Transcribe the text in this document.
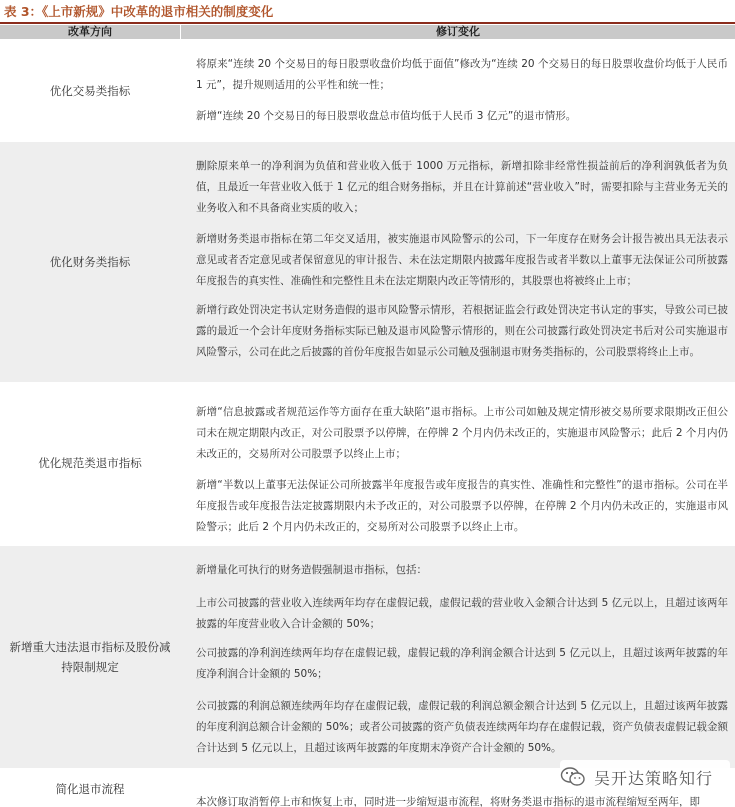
表 3：《上市新规》中改革的退市相关的制度变化
改革方向	修订变化
优化交易类指标
将原来“连续 20 个交易日的每日股票收盘价均低于面值”修改为“连续 20 个交易日的每日股票收盘价均低于人民币 1 元”，提升规则适用的公平性和统一性；
新增“连续 20 个交易日的每日股票收盘总市值均低于人民币 3 亿元”的退市情形。
优化财务类指标
删除原来单一的净利润为负值和营业收入低于 1000 万元指标，新增扣除非经常性损益前后的净利润孰低者为负值，且最近一年营业收入低于 1 亿元的组合财务指标，并且在计算前述“营业收入”时，需要扣除与主营业务无关的业务收入和不具备商业实质的收入；
新增财务类退市指标在第二年交叉适用，被实施退市风险警示的公司，下一年度存在财务会计报告被出具无法表示意见或者否定意见或者保留意见的审计报告、未在法定期限内披露年度报告或者半数以上董事无法保证公司所披露年度报告的真实性、准确性和完整性且未在法定期限内改正等情形的，其股票也将被终止上市；
新增行政处罚决定书认定财务造假的退市风险警示情形，若根据证监会行政处罚决定书认定的事实，导致公司已披露的最近一个会计年度财务指标实际已触及退市风险警示情形的，则在公司披露行政处罚决定书后对公司实施退市风险警示，公司在此之后披露的首份年度报告如显示公司触及强制退市财务类指标的，公司股票将终止上市。
优化规范类退市指标
新增“信息披露或者规范运作等方面存在重大缺陷”退市指标。上市公司如触及规定情形被交易所要求限期改正但公司未在规定期限内改正，对公司股票予以停牌，在停牌 2 个月内仍未改正的，实施退市风险警示；此后 2 个月内仍未改正的，交易所对公司股票予以终止上市；
新增“半数以上董事无法保证公司所披露半年度报告或年度报告的真实性、准确性和完整性”的退市指标。公司在半年度报告或年度报告法定披露期限内未予改正的，对公司股票予以停牌，在停牌 2 个月内仍未改正的，实施退市风险警示；此后 2 个月内仍未改正的，交易所对公司股票予以终止上市。
新增重大违法退市指标及股份减持限制规定
新增量化可执行的财务造假强制退市指标，包括：
上市公司披露的营业收入连续两年均存在虚假记载，虚假记载的营业收入金额合计达到 5 亿元以上，且超过该两年披露的年度营业收入合计金额的 50%；
公司披露的净利润连续两年均存在虚假记载，虚假记载的净利润金额合计达到 5 亿元以上，且超过该两年披露的年度净利润合计金额的 50%；
公司披露的利润总额连续两年均存在虚假记载，虚假记载的利润总额金额合计达到 5 亿元以上，且超过该两年披露的年度利润总额合计金额的 50%；或者公司披露的资产负债表连续两年均存在虚假记载，资产负债表虚假记载金额合计达到 5 亿元以上，且超过该两年披露的年度期末净资产合计金额的 50%。
简化退市流程
本次修订取消暂停上市和恢复上市，同时进一步缩短退市流程，将财务类退市指标的退市流程缩短至两年，即
吴开达策略知行
